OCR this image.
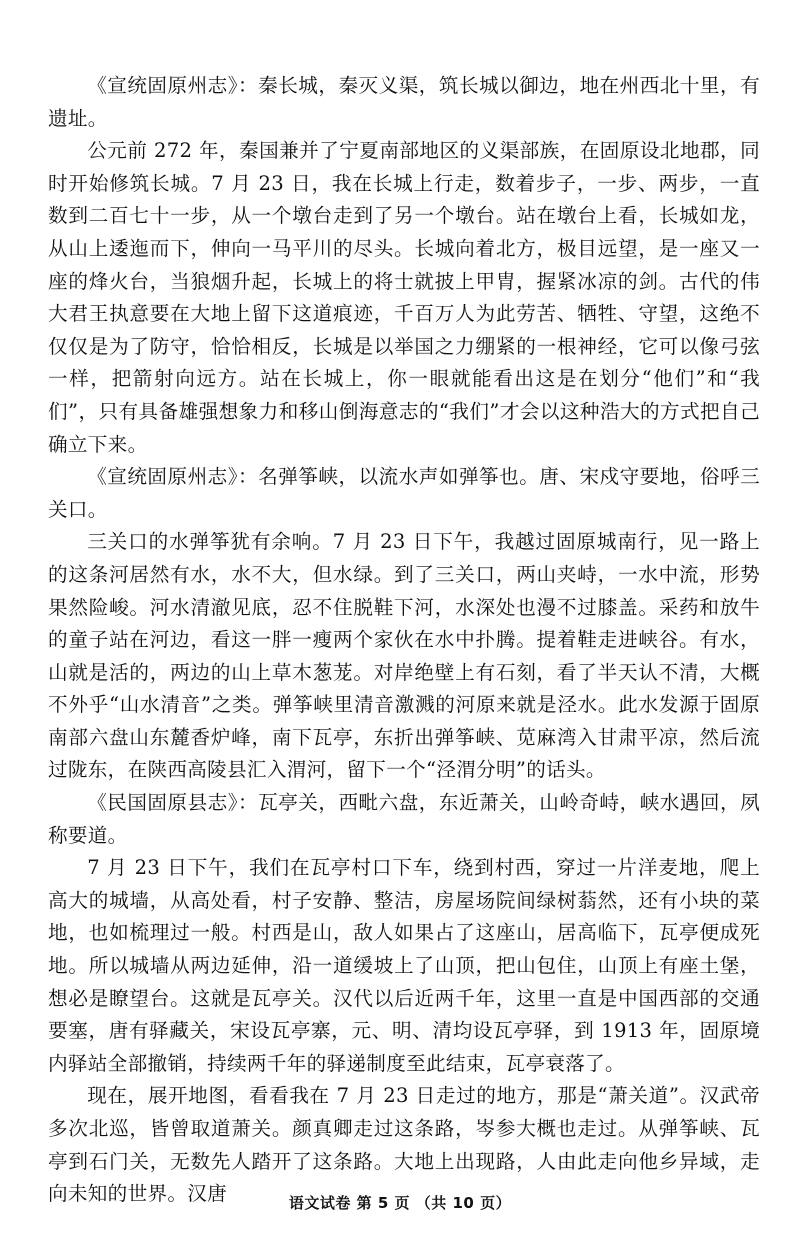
《宣统固原州志》：秦长城，秦灭义渠，筑长城以御边，地在州西北十里，有遗址。

公元前 272 年，秦国兼并了宁夏南部地区的义渠部族，在固原设北地郡，同时开始修筑长城。7 月 23 日，我在长城上行走，数着步子，一步、两步，一直数到二百七十一步，从一个墩台走到了另一个墩台。站在墩台上看，长城如龙，从山上逶迤而下，伸向一马平川的尽头。长城向着北方，极目远望，是一座又一座的烽火台，当狼烟升起，长城上的将士就披上甲胄，握紧冰凉的剑。古代的伟大君王执意要在大地上留下这道痕迹，千百万人为此劳苦、牺牲、守望，这绝不仅仅是为了防守，恰恰相反，长城是以举国之力绷紧的一根神经，它可以像弓弦一样，把箭射向远方。站在长城上，你一眼就能看出这是在划分“他们”和“我们”，只有具备雄强想象力和移山倒海意志的“我们”才会以这种浩大的方式把自己确立下来。

《宣统固原州志》：名弹筝峡，以流水声如弹筝也。唐、宋戍守要地，俗呼三关口。

三关口的水弹筝犹有余响。7 月 23 日下午，我越过固原城南行，见一路上的这条河居然有水，水不大，但水绿。到了三关口，两山夹峙，一水中流，形势果然险峻。河水清澈见底，忍不住脱鞋下河，水深处也漫不过膝盖。采药和放牛的童子站在河边，看这一胖一瘦两个家伙在水中扑腾。提着鞋走进峡谷。有水，山就是活的，两边的山上草木葱茏。对岸绝壁上有石刻，看了半天认不清，大概不外乎“山水清音”之类。弹筝峡里清音激溅的河原来就是泾水。此水发源于固原南部六盘山东麓香炉峰，南下瓦亭，东折出弹筝峡、苋麻湾入甘肃平凉，然后流过陇东，在陕西高陵县汇入渭河，留下一个“泾渭分明”的话头。

《民国固原县志》：瓦亭关，西毗六盘，东近萧关，山岭奇峙，峡水遇回，夙称要道。

7 月 23 日下午，我们在瓦亭村口下车，绕到村西，穿过一片洋麦地，爬上高大的城墙，从高处看，村子安静、整洁，房屋场院间绿树蓊然，还有小块的菜地，也如梳理过一般。村西是山，敌人如果占了这座山，居高临下，瓦亭便成死地。所以城墙从两边延伸，沿一道缓坡上了山顶，把山包住，山顶上有座土堡，想必是瞭望台。这就是瓦亭关。汉代以后近两千年，这里一直是中国西部的交通要塞，唐有驿藏关，宋设瓦亭寨，元、明、清均设瓦亭驿，到 1913 年，固原境内驿站全部撤销，持续两千年的驿递制度至此结束，瓦亭衰落了。

现在，展开地图，看看我在 7 月 23 日走过的地方，那是“萧关道”。汉武帝多次北巡，皆曾取道萧关。颜真卿走过这条路，岑参大概也走过。从弹筝峡、瓦亭到石门关，无数先人踏开了这条路。大地上出现路，人由此走向他乡异域，走向未知的世界。汉唐	语文试卷 第 5 页 （共 10 页）
